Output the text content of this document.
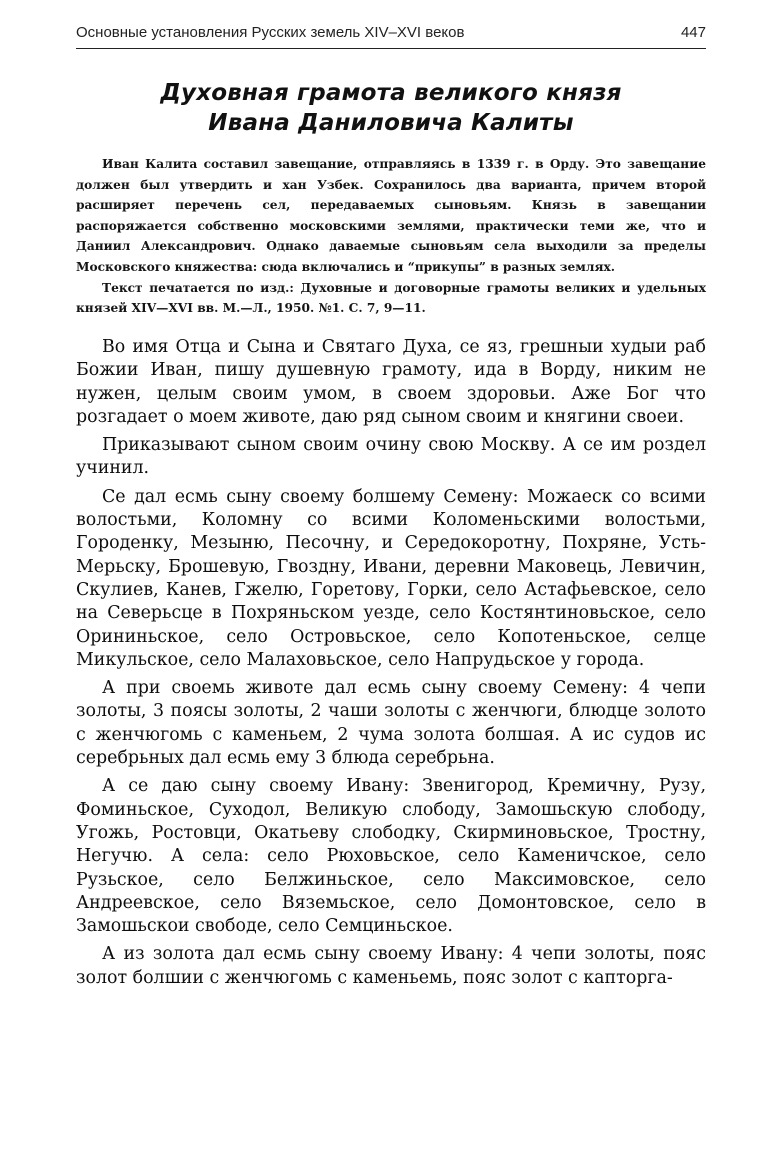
Основные установления Русских земель XIV–XVI веков	447
Духовная грамота великого князя
Ивана Даниловича Калиты

Иван Калита составил завещание, отправляясь в 1339 г. в Орду. Это завещание должен был утвердить и хан Узбек. Сохранилось два варианта, причем второй расширяет перечень сел, передаваемых сыновьям. Князь в завещании распоряжается собственно московскими землями, практически теми же, что и Даниил Александрович. Однако даваемые сыновьям села выходили за пределы Московского княжества: сюда включались и “прикупы” в разных землях.

Текст печатается по изд.: Духовные и договорные грамоты великих и удельных князей XIV—XVI вв. М.—Л., 1950. №1. С. 7, 9—11.

Во имя Отца и Сына и Святаго Духа, се яз, грешныи худыи раб Божии Иван, пишу душевную грамоту, ида в Ворду, никим не нужен, целым своим умом, в своем здоровьи. Аже Бог что розгадает о моем животе, даю ряд сыном своим и княгини своеи.

Приказывают сыном своим очину свою Москву. А се им роздел учинил.

Се дал есмь сыну своему болшему Семену: Можаеск со всими волостьми, Коломну со всими Коломеньскими волостьми, Городенку, Мезыню, Песочну, и Середокоротну, Похряне, Усть-Мерьску, Брошевую, Гвоздну, Ивани, деревни Маковець, Левичин, Скулиев, Канев, Гжелю, Горетову, Горки, село Астафьевское, село на Северьсце в Похряньском уезде, село Костянтиновьское, село Орининьское, село Островьское, село Копотеньское, селце Микульское, село Малаховьское, село Напрудьское у города.

А при своемь животе дал есмь сыну своему Семену: 4 чепи золоты, 3 поясы золоты, 2 чаши золоты с женчюги, блюдце золото с женчюгомь с каменьем, 2 чума золота болшая. А ис судов ис серебрьных дал есмь ему 3 блюда серебрьна.

А се даю сыну своему Ивану: Звенигород, Кремичну, Рузу, Фоминьское, Суходол, Великую слободу, Замошьскую слободу, Угожь, Ростовци, Окатьеву слободку, Скирминовьское, Тростну, Негучю. А села: село Рюховьское, село Каменичское, село Рузьское, село Белжиньское, село Максимовское, село Андреевское, село Вяземьское, село Домонтовское, село в Замошьскои свободе, село Семциньское.

А из золота дал есмь сыну своему Ивану: 4 чепи золоты, пояс золот болшии с женчюгомь с каменьемь, пояс золот с капторга-
